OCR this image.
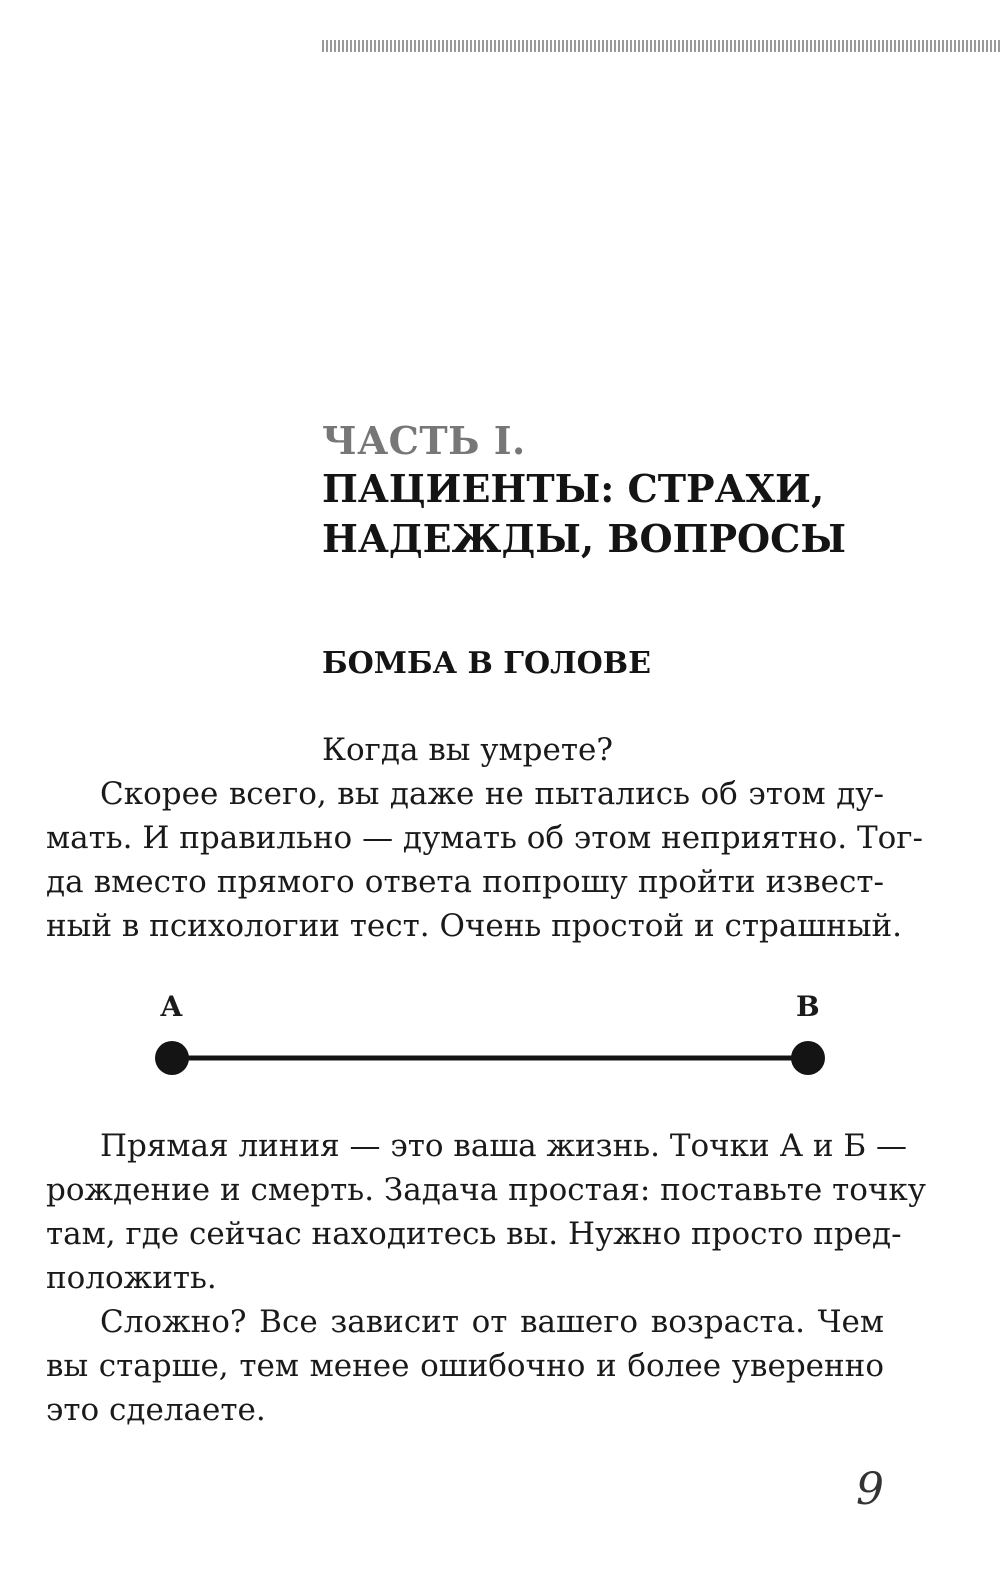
ЧАСТЬ I.
ПАЦИЕНТЫ: СТРАХИ,
НАДЕЖДЫ, ВОПРОСЫ
БОМБА В ГОЛОВЕ
Когда вы умрете?
Скорее всего, вы даже не пытались об этом ду-
мать. И правильно — думать об этом неприятно. Тог-
да вместо прямого ответа попрошу пройти извест-
ный в психологии тест. Очень простой и страшный.
А	В
Прямая линия — это ваша жизнь. Точки А и Б —
рождение и смерть. Задача простая: поставьте точку
там, где сейчас находитесь вы. Нужно просто пред-
положить.
Сложно? Все зависит от вашего возраста. Чем
вы старше, тем менее ошибочно и более уверенно
это сделаете.
9
